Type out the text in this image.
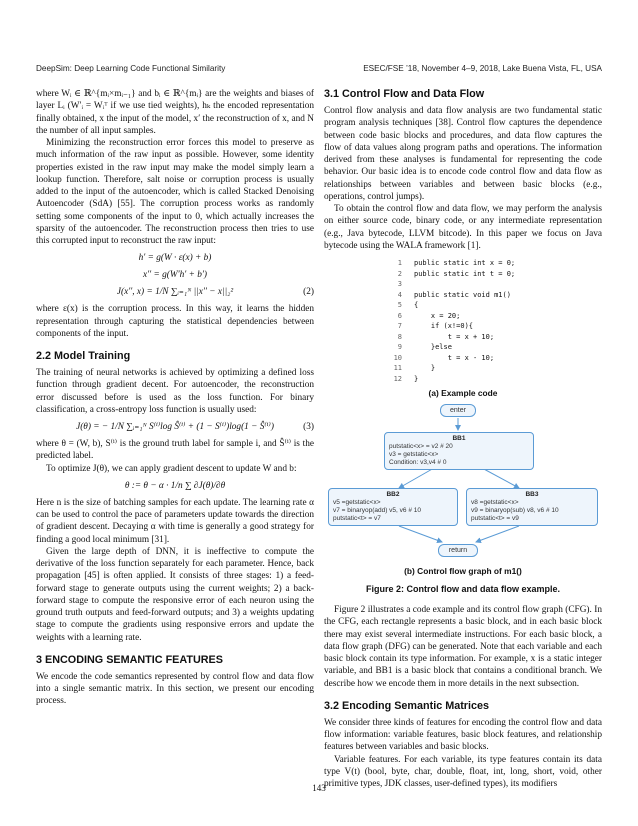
DeepSim: Deep Learning Code Functional Similarity	ESEC/FSE ’18, November 4–9, 2018, Lake Buena Vista, FL, USA

where Wᵢ ∈ ℝ^{mᵢ×mᵢ₋₁} and bᵢ ∈ ℝ^{mᵢ} are the weights and biases of layer Lᵢ (W′ᵢ = Wᵢᵀ if we use tied weights), hₖ the encoded representation finally obtained, x the input of the model, x′ the reconstruction of x, and N the number of all input samples.

Minimizing the reconstruction error forces this model to preserve as much information of the raw input as possible. However, some identity properties existed in the raw input may make the model simply learn a lookup function. Therefore, salt noise or corruption process is usually added to the input of the autoencoder, which is called Stacked Denoising Autoencoder (SdA) [55]. The corruption process works as randomly setting some components of the input to 0, which actually increases the sparsity of the autoencoder. The reconstruction process then tries to use this corrupted input to reconstruct the raw input:

h′ = g(W · ε(x) + b)
x′′ = g(W′h′ + b′)
J(x′′, x) = 1/N ∑ᵢ₌₁ᴺ ||x′′ − x||₂²	(2)

where ε(x) is the corruption process. In this way, it learns the hidden representation through capturing the statistical dependencies between components of the input.

2.2 Model Training

The training of neural networks is achieved by optimizing a defined loss function through gradient decent. For autoencoder, the reconstruction error discussed before is used as the loss function. For binary classification, a cross-entropy loss function is usually used:

J(θ) = − 1/N ∑ᵢ₌₁ᴺ S⁽ⁱ⁾log Ŝ⁽ⁱ⁾ + (1 − S⁽ⁱ⁾)log(1 − Ŝ⁽ⁱ⁾)	(3)

where θ = (W, b), S⁽ⁱ⁾ is the ground truth label for sample i, and Ŝ⁽ⁱ⁾ is the predicted label.

To optimize J(θ), we can apply gradient descent to update W and b:

θ := θ − α · 1/n ∑ ∂J(θ)/∂θ

Here n is the size of batching samples for each update. The learning rate α can be used to control the pace of parameters update towards the direction of gradient descent. Decaying α with time is generally a good strategy for finding a good local minimum [31].

Given the large depth of DNN, it is ineffective to compute the derivative of the loss function separately for each parameter. Hence, back propagation [45] is often applied. It consists of three stages: 1) a feed-forward stage to generate outputs using the current weights; 2) a back-forward stage to compute the responsive error of each neuron using the ground truth outputs and feed-forward outputs; and 3) a weights updating stage to compute the gradients using responsive errors and update the weights with a learning rate.

3 ENCODING SEMANTIC FEATURES

We encode the code semantics represented by control flow and data flow into a single semantic matrix. In this section, we present our encoding process.

3.1 Control Flow and Data Flow

Control flow analysis and data flow analysis are two fundamental static program analysis techniques [38]. Control flow captures the dependence between code basic blocks and procedures, and data flow captures the flow of data values along program paths and operations. The information derived from these analyses is fundamental for representing the code behavior. Our basic idea is to encode code control flow and data flow as relationships between variables and between basic blocks (e.g., operations, control jumps).

To obtain the control flow and data flow, we may perform the analysis on either source code, binary code, or any intermediate representation (e.g., Java bytecode, LLVM bitcode). In this paper we focus on Java bytecode using the WALA framework [1].

1 public static int x = 0;
2 public static int t = 0;
3
4 public static void m1()
5 {
6    x = 20;
7    if (x!=0){
8        t = x + 10;
9    }else
10        t = x - 10;
11    }
12 }
(a) Example code
enter
BB1
putstatic<x> = v2 # 20
v3 = getstatic<x>
Condition: v3,v4 # 0
BB2
v5 =getstatic<x>
v7 = binaryop(add) v5, v6 # 10
putstatic<t> = v7
BB3
v8 =getstatic<x>
v9 = binaryop(sub) v8, v6 # 10
putstatic<t> = v9
return
(b) Control flow graph of m1()
Figure 2: Control flow and data flow example.

Figure 2 illustrates a code example and its control flow graph (CFG). In the CFG, each rectangle represents a basic block, and in each basic block there may exist several intermediate instructions. For each basic block, a data flow graph (DFG) can be generated. Note that each variable and each basic block contain its type information. For example, x is a static integer variable, and BB1 is a basic block that contains a conditional branch. We describe how we encode them in more details in the next subsection.

3.2 Encoding Semantic Matrices

We consider three kinds of features for encoding the control flow and data flow information: variable features, basic block features, and relationship features between variables and basic blocks.

Variable features. For each variable, its type features contain its data type V(t) (bool, byte, char, double, float, int, long, short, void, other primitive types, JDK classes, user-defined types), its modifiers

143
